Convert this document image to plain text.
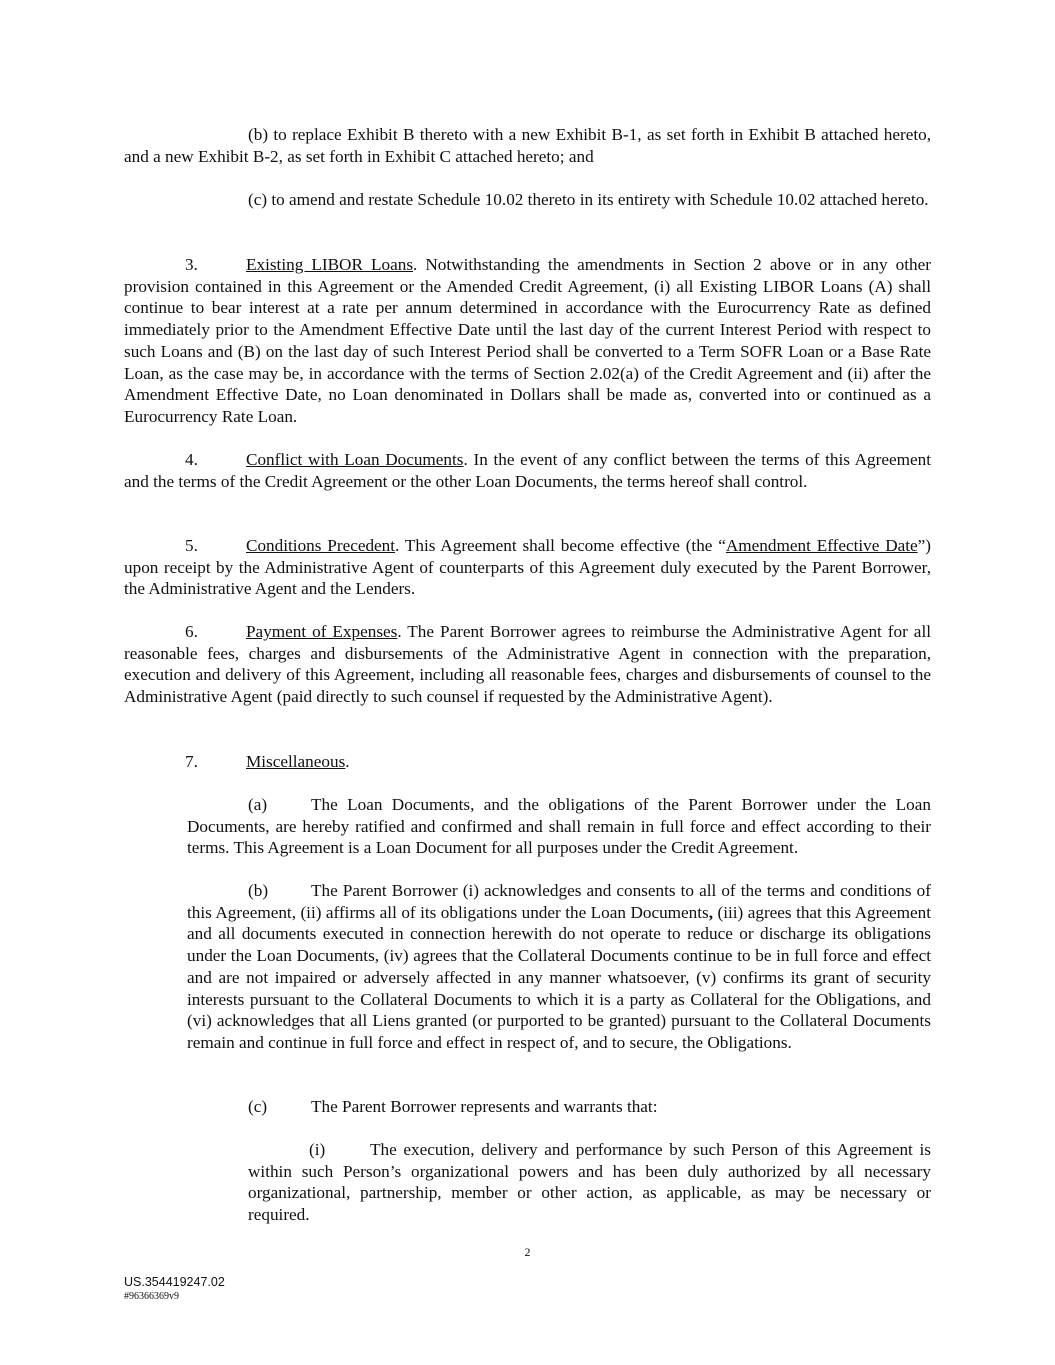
(b) to replace Exhibit B thereto with a new Exhibit B-1, as set forth in Exhibit B attached hereto, and a new Exhibit B-2, as set forth in Exhibit C attached hereto; and

(c) to amend and restate Schedule 10.02 thereto in its entirety with Schedule 10.02 attached hereto.

3.	Existing LIBOR Loans. Notwithstanding the amendments in Section 2 above or in any other provision contained in this Agreement or the Amended Credit Agreement, (i) all Existing LIBOR Loans (A) shall continue to bear interest at a rate per annum determined in accordance with the Eurocurrency Rate as defined immediately prior to the Amendment Effective Date until the last day of the current Interest Period with respect to such Loans and (B) on the last day of such Interest Period shall be converted to a Term SOFR Loan or a Base Rate Loan, as the case may be, in accordance with the terms of Section 2.02(a) of the Credit Agreement and (ii) after the Amendment Effective Date, no Loan denominated in Dollars shall be made as, converted into or continued as a Eurocurrency Rate Loan.

4.	Conflict with Loan Documents. In the event of any conflict between the terms of this Agreement and the terms of the Credit Agreement or the other Loan Documents, the terms hereof shall control.

5.	Conditions Precedent. This Agreement shall become effective (the “Amendment Effective Date”) upon receipt by the Administrative Agent of counterparts of this Agreement duly executed by the Parent Borrower, the Administrative Agent and the Lenders.

6.	Payment of Expenses. The Parent Borrower agrees to reimburse the Administrative Agent for all reasonable fees, charges and disbursements of the Administrative Agent in connection with the preparation, execution and delivery of this Agreement, including all reasonable fees, charges and disbursements of counsel to the Administrative Agent (paid directly to such counsel if requested by the Administrative Agent).

7.	Miscellaneous.

(a)	The Loan Documents, and the obligations of the Parent Borrower under the Loan Documents, are hereby ratified and confirmed and shall remain in full force and effect according to their terms. This Agreement is a Loan Document for all purposes under the Credit Agreement.

(b) The Parent Borrower (i) acknowledges and consents to all of the terms and conditions of this Agreement, (ii) affirms all of its obligations under the Loan Documents, (iii) agrees that this Agreement and all documents executed in connection herewith do not operate to reduce or discharge its obligations under the Loan Documents, (iv) agrees that the Collateral Documents continue to be in full force and effect and are not impaired or adversely affected in any manner whatsoever, (v) confirms its grant of security interests pursuant to the Collateral Documents to which it is a party as Collateral for the Obligations, and (vi) acknowledges that all Liens granted (or purported to be granted) pursuant to the Collateral Documents remain and continue in full force and effect in respect of, and to secure, the Obligations.

(c)	The Parent Borrower represents and warrants that:

(i)	The execution, delivery and performance by such Person of this Agreement is within such Person’s organizational powers and has been duly authorized by all necessary organizational, partnership, member or other action, as applicable, as may be necessary or required.

2
US.354419247.02
#96366369v9
